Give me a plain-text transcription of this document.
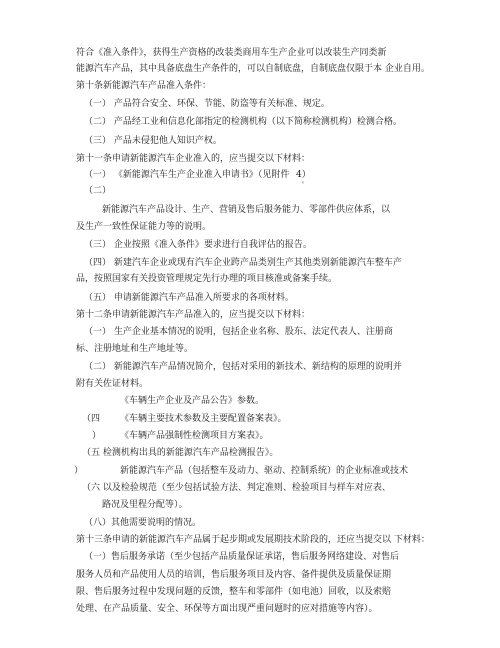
符合《准入条件》，获得生产资格的改装类商用车生产企业可以改装生产同类新
能源汽车产品，其中具备底盘生产条件的，可以自制底盘，自制底盘仅限于本 企业自用。
第十条新能源汽车产品准入条件：
（一） 产品符合安全、环保、节能、防盗等有关标准、规定。
（二） 产品经工业和信息化部指定的检测机构（以下简称检测机构）检测合格。
（三） 产品未侵犯他人知识产权。
第十一条申请新能源汽车企业准入的，应当提交以下材料：
（一） 《新能源汽车生产企业准入申请书》（见附件 4）
'
（二）
新能源汽车产品设计、生产、营销及售后服务能力、零部件供应体系，以
及生产一致性保证能力等的说明。
（三） 企业按照《准入条件》要求进行自我评估的报告。
（四） 新建汽车企业或现有汽车企业跨产品类别生产其他类别新能源汽车整车产
品，按照国家有关投资管理规定先行办理的项目核准或备案手续。
（五） 申请新能源汽车产品准入所要求的各项材料。
第十二条申请新能源汽车产品准入的，应当提交以下材料：
（一） 生产企业基本情况的说明，包括企业名称、股东、法定代表人、注册商
标、注册地址和生产地址等。
（二） 新能源汽车产品情况简介，包括对采用的新技术、新结构的原理的说明并
附有关佐证材料。
《车辆生产企业及产品公告》参数。
（四 《车辆主要技术参数及主要配置备案表》。
） 《车辆产品强制性检测项目方案表》。
（五 检测机构出具的新能源汽车产品检测报告》。
）	新能源汽车产品（包括整车及动力、驱动、控制系统）的企业标准或技术
（六 以及检验规范（至少包括试验方法、判定准则、检验项目与样车对应表、
路况及里程分配等）。
（八）其他需要说明的情况。
第十三条申请的新能源汽车产品属于起步期或发展期技术阶段的，还应当提交以 下材料：
（一）售后服务承诺（至少包括产品质量保证承诺，售后服务网络建设、对售后
服务人员和产品使用人员的培训，售后服务项目及内容、备件提供及质量保证期
限、售后服务过程中发现问题的反馈，整车和零部件（如电池）回收，以及索赔
处理、在产品质量、安全、环保等方面出现严重问题时的应对措施等内容）。
